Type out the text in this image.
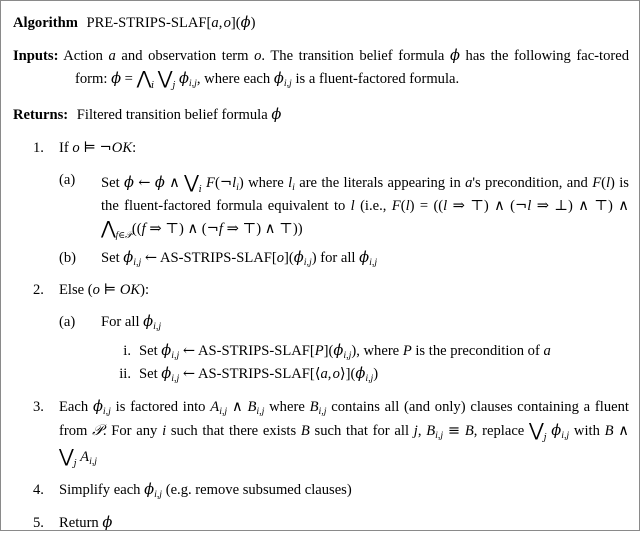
Algorithm PRE-STRIPS-SLAF[a, o](ϕ)

Inputs: Action a and observation term o. The transition belief formula ϕ has the following fac-​tored form: $\phi = ⋀_i$ $⋁_j$ $\phi_{i,j}$, where each $\phi_{i,j}$ is a fluent-factored formula.

Returns: Filtered transition belief formula ϕ

1.	If o ⊨ ¬OK:
(a)	Set ϕ ← ϕ ∧ $⋁_i$ $F(\neg l_i)$ where $l_i$ are the literals appearing in a's precondition, and F(l) is the fluent-factored formula equivalent to l (i.e., F(l) = ((l ⇒ ⊤) ∧ (¬l ⇒ ⊥) ∧ ⊤) ∧ $⋀_{f\in 𝒫}((f$ ⇒ ⊤) ∧ (¬f ⇒ ⊤) ∧ ⊤))
(b)	Set $\phi_{i,j}$ ← $AS-STRIPS-SLAF[o](\phi_{i,j})$ for all $\phi_{i,j}$
2.	Else (o ⊨ OK):
(a)	For all $\phi_{i,j}$
i. Set $\phi_{i,j}$ ← $AS-STRIPS-SLAF[P](\phi_{i,j})$, where P is the precondition of a
ii. Set $\phi_{i,j}$ ← AS-STRIPS-SLAF[⟨a, $o⟩](\phi_{i,j})$
3.	Each $\phi_{i,j}$ is factored into $A_{i,j}$ ∧ $B_{i,j}$ where $B_{i,j}$ contains all (and only) clauses containing a fluent from 𝒫. For any i such that there exists B such that for all j, $B_{i,j} \equiv B$, replace $⋁_j$ $\phi_{i,j}$ with B ∧ $⋁_j$ $A_{i,j}$
4.	Simplify each $\phi_{i,j}$ (e.g. remove subsumed clauses)
5.	Return ϕ
